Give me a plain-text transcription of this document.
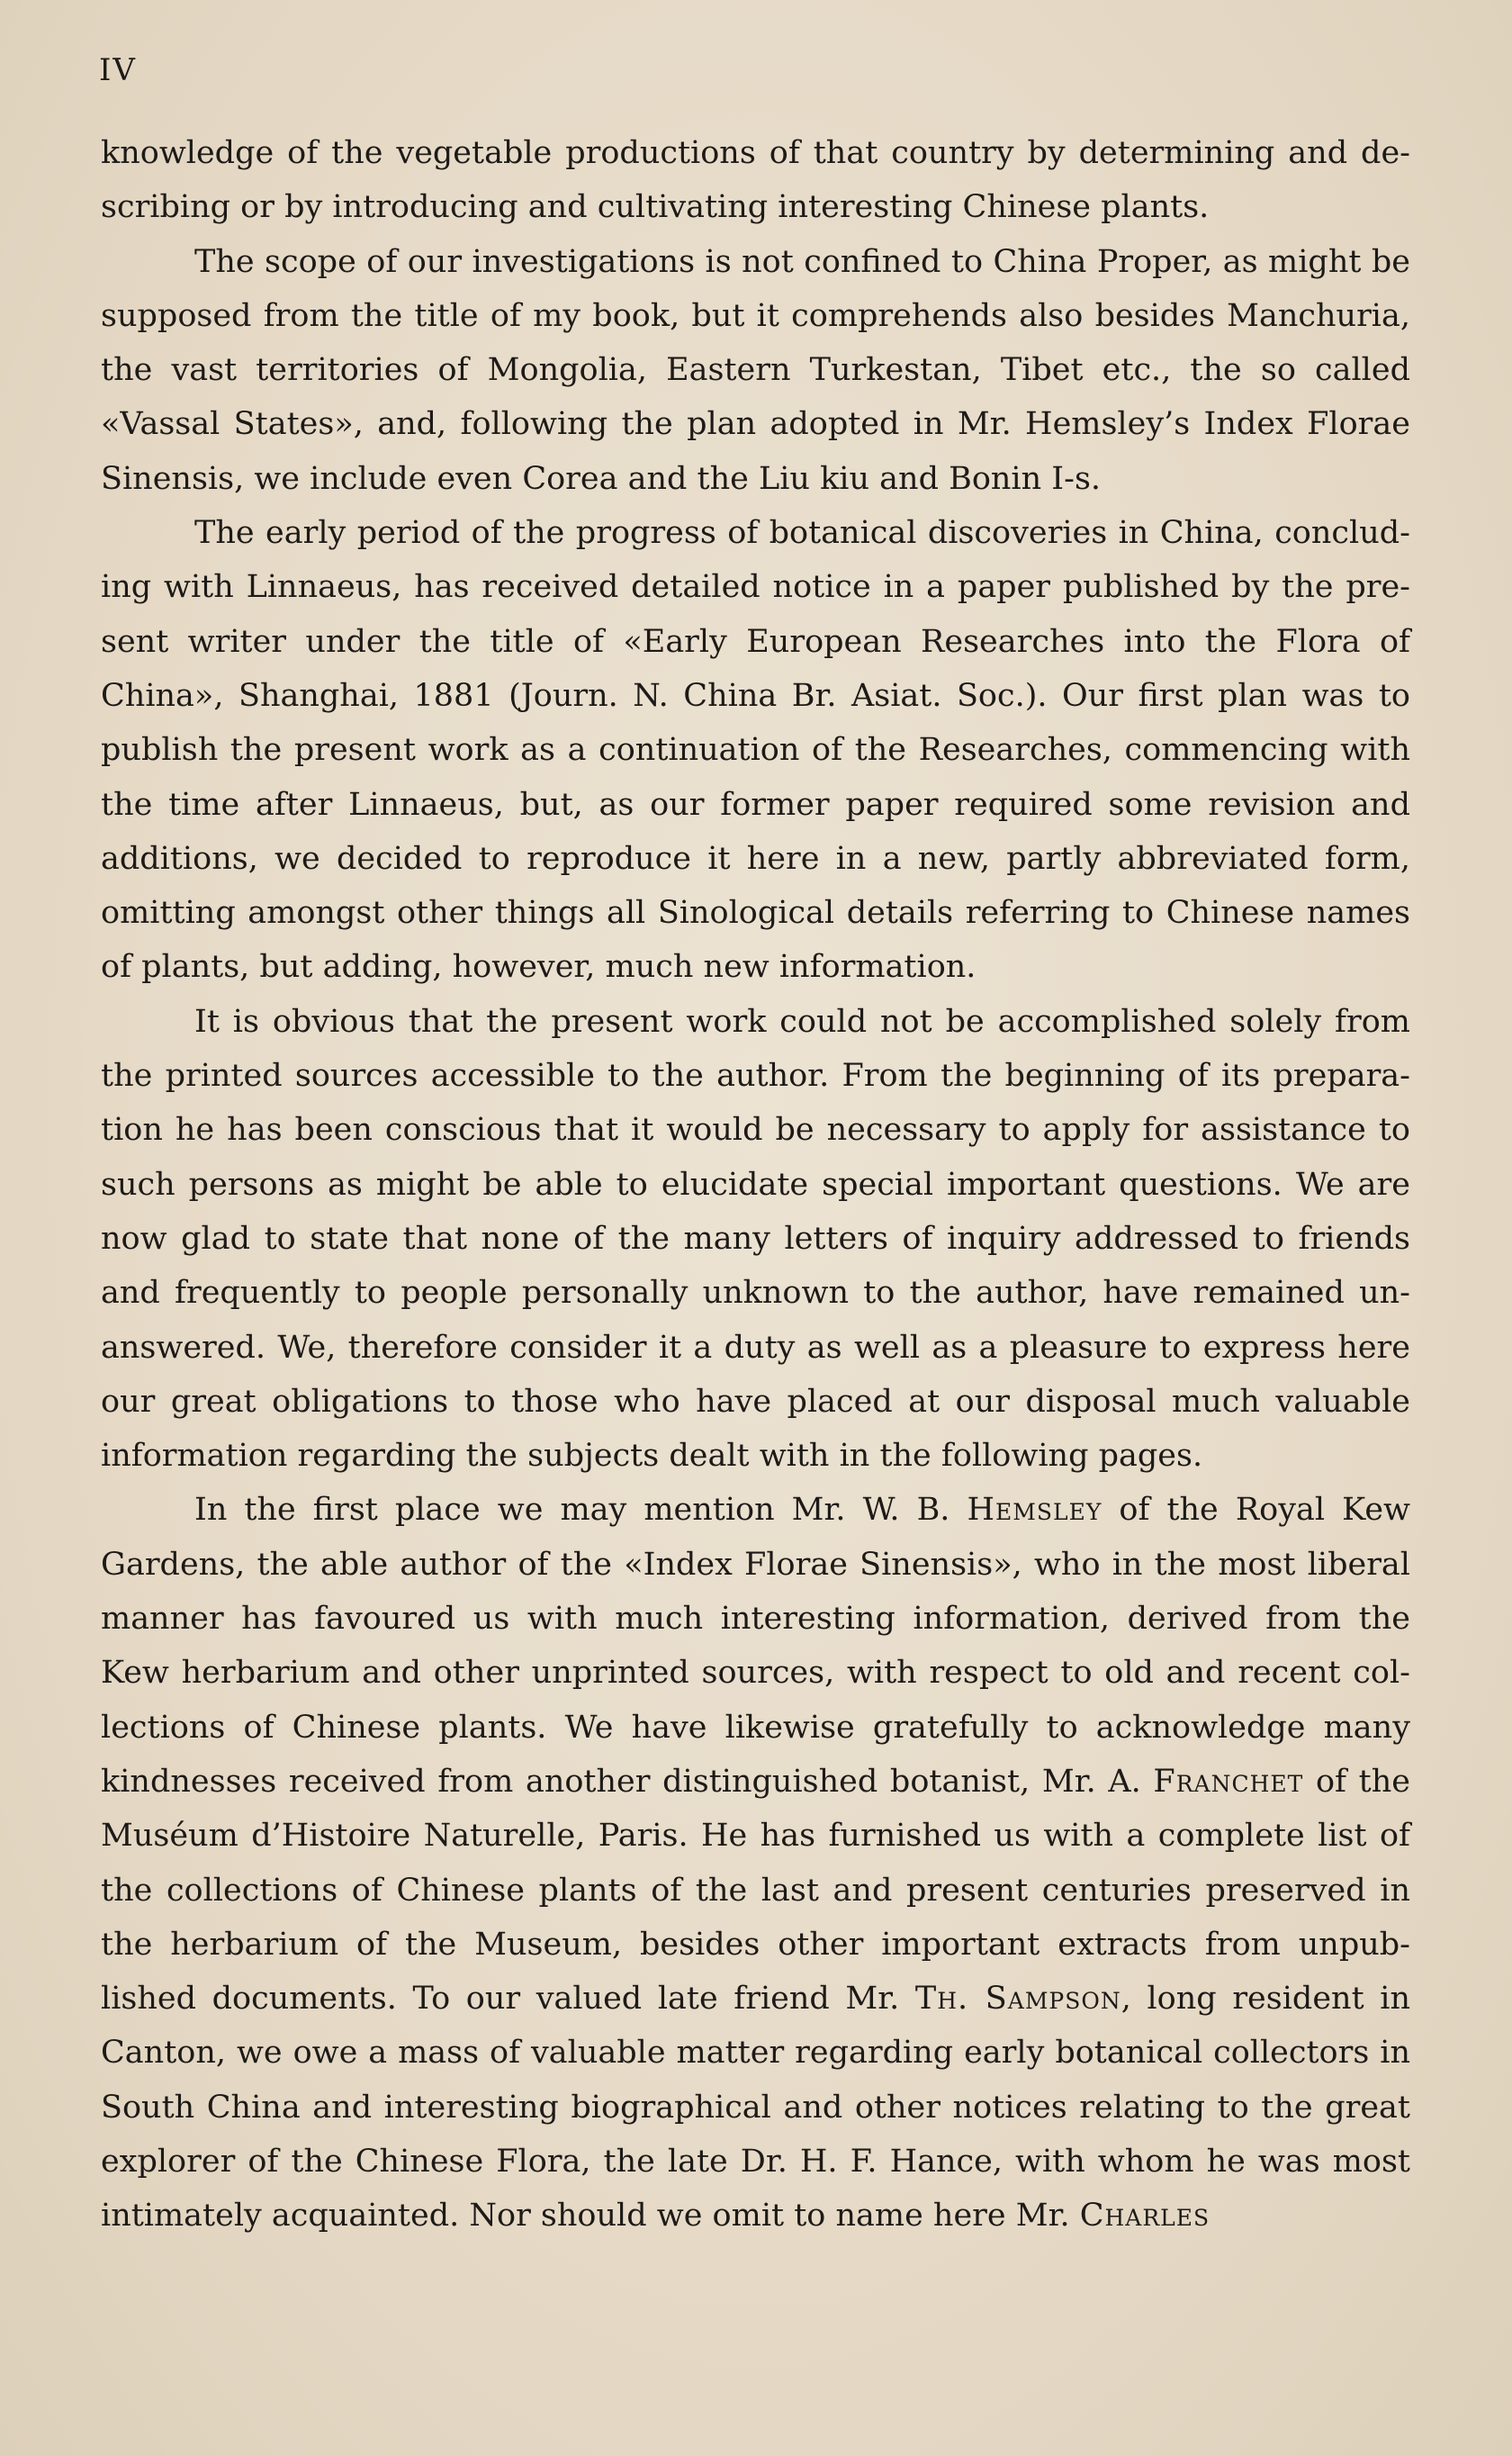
IV

knowledge of the vegetable productions of that country by determining and describing or by introducing and cultivating interesting Chinese plants.

The scope of our investigations is not confined to China Proper, as might be supposed from the title of my book, but it comprehends also besides Manchuria, the vast territories of Mongolia, Eastern Turkestan, Tibet etc., the so called «Vassal States», and, following the plan adopted in Mr. Hemsley’s Index Florae Sinensis, we include even Corea and the Liu kiu and Bonin I-s.

The early period of the progress of botanical discoveries in China, concluding with Linnaeus, has received detailed notice in a paper published by the present writer under the title of «Early European Researches into the Flora of China», Shanghai, 1881 (Journ. N. China Br. Asiat. Soc.). Our first plan was to publish the present work as a continuation of the Researches, commencing with the time after Linnaeus, but, as our former paper required some revision and additions, we decided to reproduce it here in a new, partly abbreviated form, omitting amongst other things all Sinological details referring to Chinese names of plants, but adding, however, much new information.

It is obvious that the present work could not be accomplished solely from the printed sources accessible to the author. From the beginning of its preparation he has been conscious that it would be necessary to apply for assistance to such persons as might be able to elucidate special important questions. We are now glad to state that none of the many letters of inquiry addressed to friends and frequently to people personally unknown to the author, have remained unanswered. We, therefore consider it a duty as well as a pleasure to express here our great obligations to those who have placed at our disposal much valuable information regarding the subjects dealt with in the following pages.

In the first place we may mention Mr. W. B. Hemsley of the Royal Kew Gardens, the able author of the «Index Florae Sinensis», who in the most liberal manner has favoured us with much interesting information, derived from the Kew herbarium and other unprinted sources, with respect to old and recent collections of Chinese plants. We have likewise gratefully to acknowledge many kindnesses received from another distinguished botanist, Mr. A. Franchet of the Muséum d’Histoire Naturelle, Paris. He has furnished us with a complete list of the collections of Chinese plants of the last and present centuries preserved in the herbarium of the Museum, besides other important extracts from unpublished documents. To our valued late friend Mr. Th. Sampson, long resident in Canton, we owe a mass of valuable matter regarding early botanical collectors in South China and interesting biographical and other notices relating to the great explorer of the Chinese Flora, the late Dr. H. F. Hance, with whom he was most intimately acquainted. Nor should we omit to name here Mr. Charles
